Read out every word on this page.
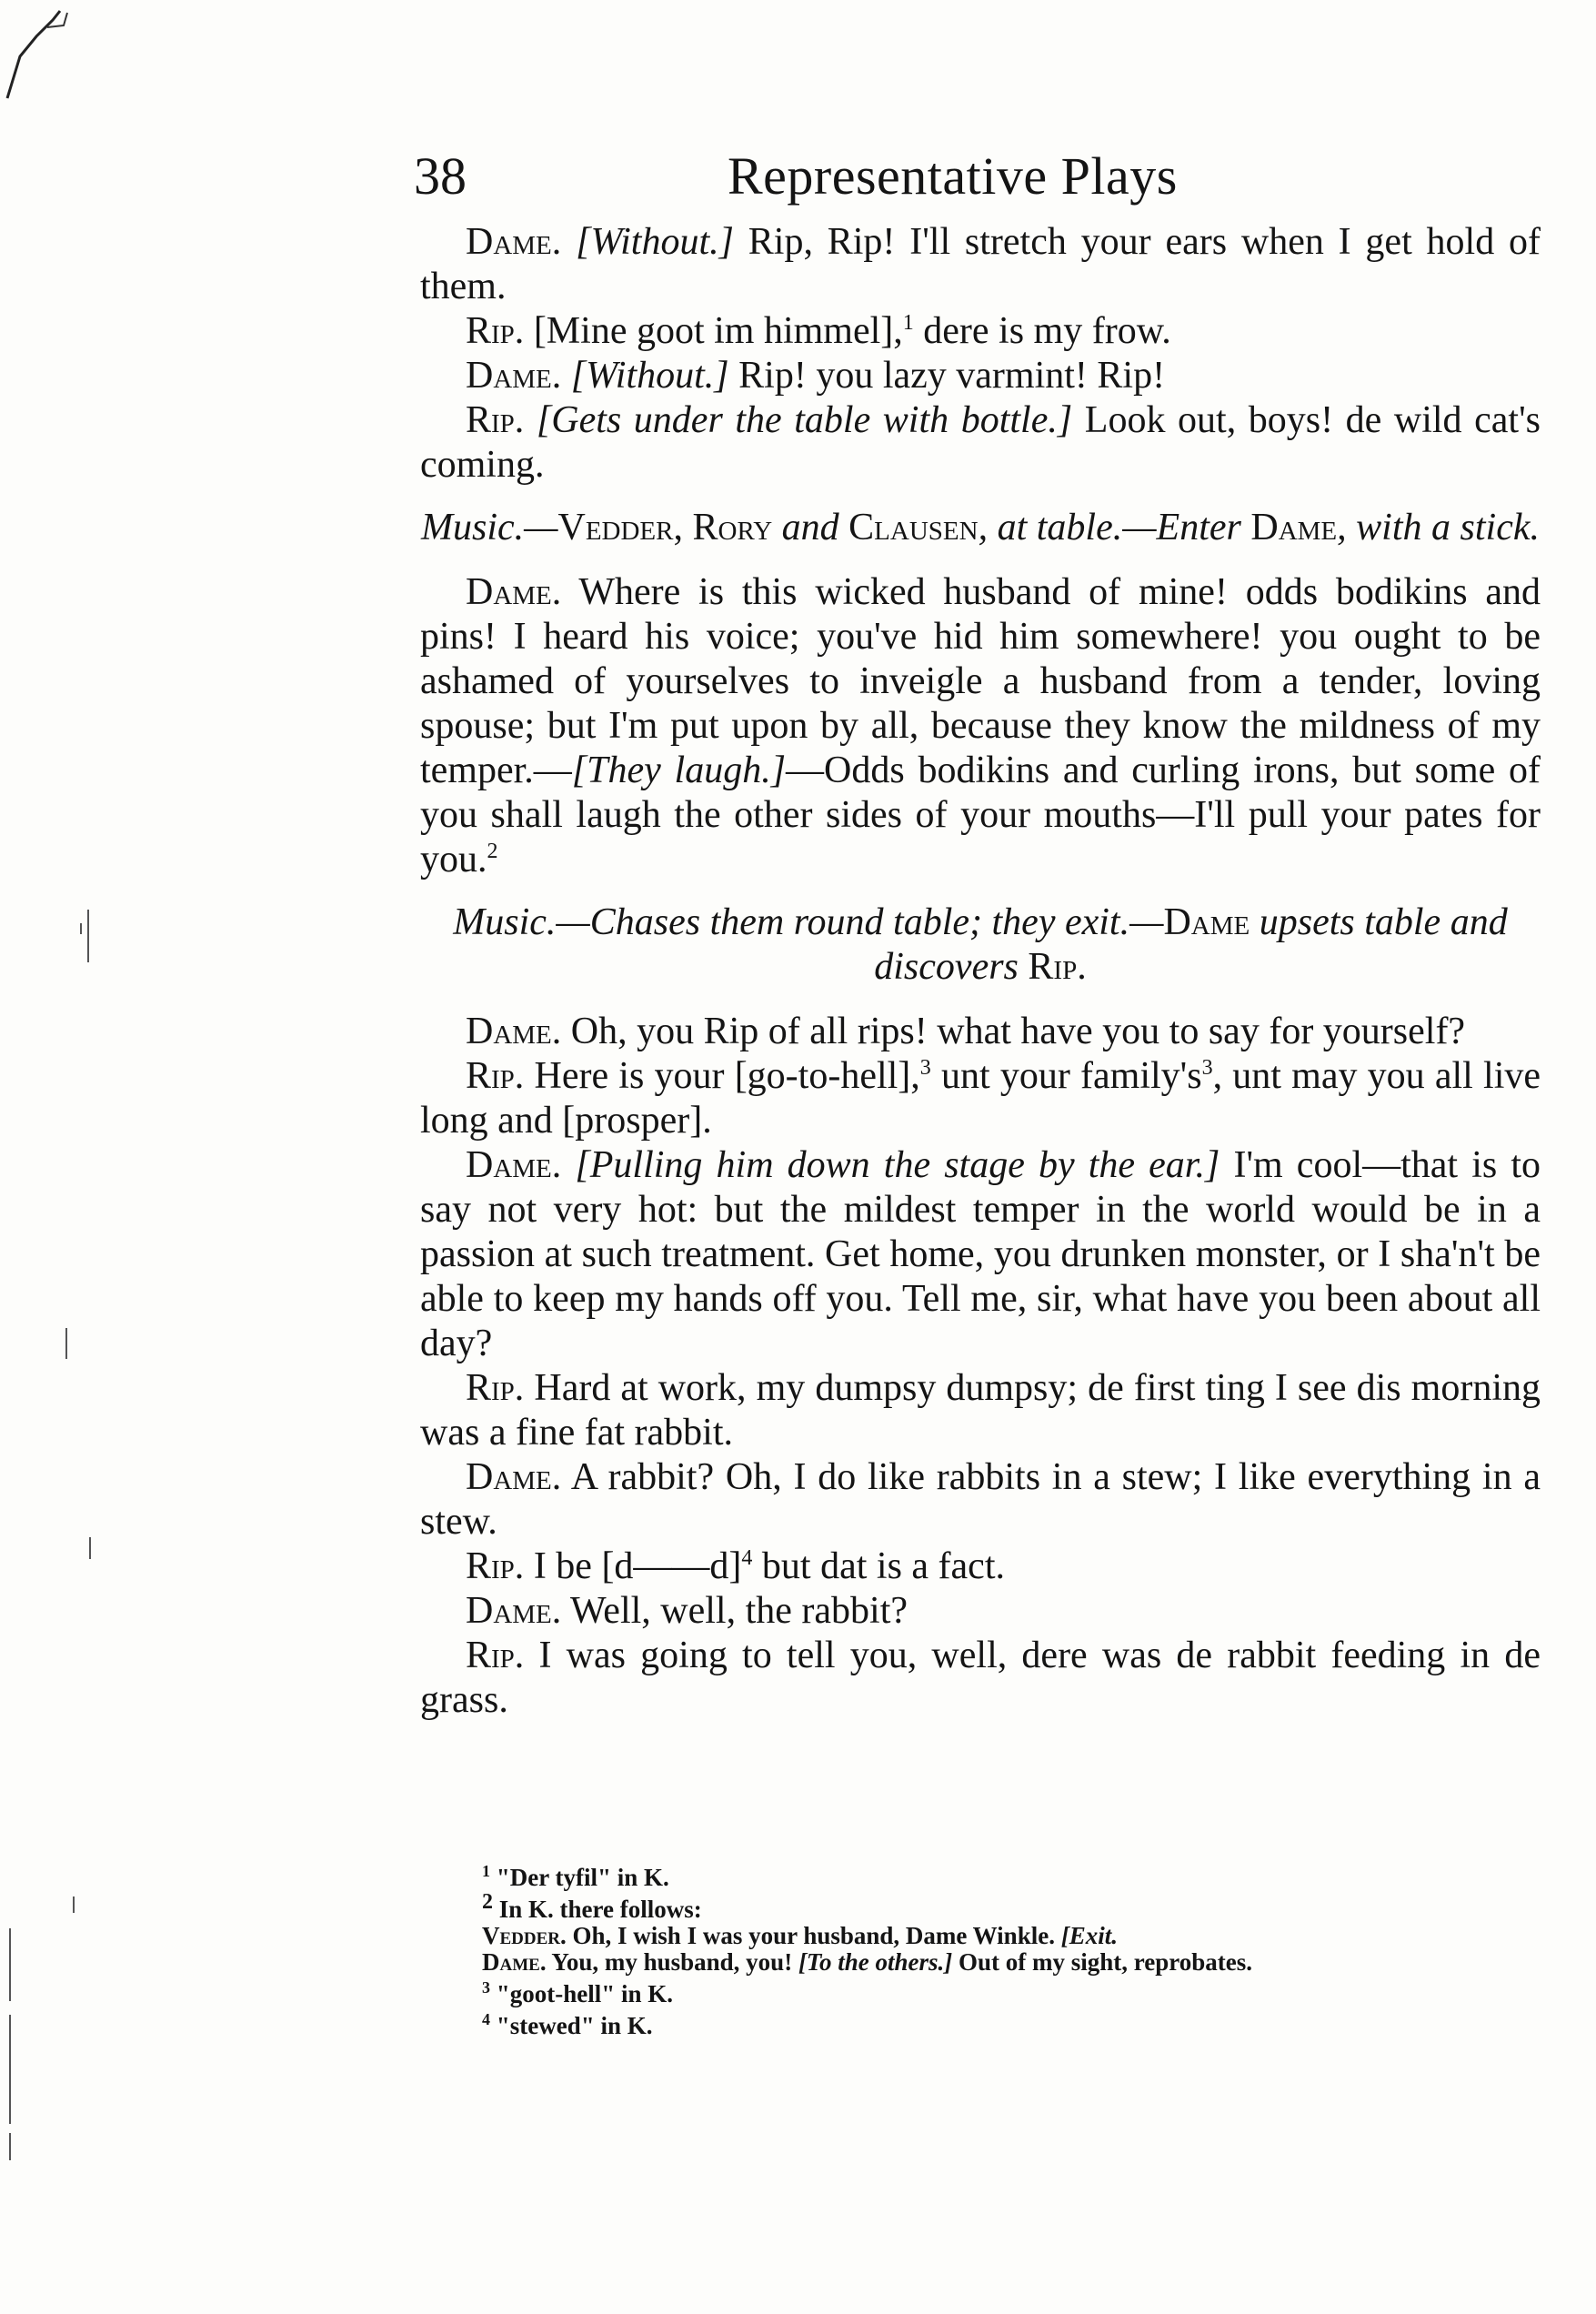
38	Representative Plays

Dame. [Without.] Rip, Rip! I'll stretch your ears when I get hold of them.

Rip. [Mine goot im himmel],$^1$ dere is my frow.

Dame. [Without.] Rip! you lazy varmint! Rip!

Rip. [Gets under the table with bottle.] Look out, boys! de wild cat's coming.

Music.—Vedder, Rory and Clausen, at table.—Enter Dame, with a stick.

Dame. Where is this wicked husband of mine! odds bodikins and pins! I heard his voice; you've hid him somewhere! you ought to be ashamed of yourselves to inveigle a husband from a tender, loving spouse; but I'm put upon by all, because they know the mildness of my temper.—[They laugh.]—Odds bodikins and curling irons, but some of you shall laugh the other sides of your mouths—I'll pull your pates for you.$^2$

Music.—Chases them round table; they exit.—Dame upsets table and discovers Rip.

Dame. Oh, you Rip of all rips! what have you to say for yourself?

Rip. Here is your [go-to-hell],$^3$ unt your $family's^3$, unt may you all live long and [prosper].

Dame. [Pulling him down the stage by the ear.] I'm cool—that is to say not very hot: but the mildest temper in the world would be in a passion at such treatment. Get home, you drunken monster, or I sha'n't be able to keep my hands off you. Tell me, sir, what have you been about all day?

Rip. Hard at work, my dumpsy dumpsy; de first ting I see dis morning was a fine fat rabbit.

Dame. A rabbit? Oh, I do like rabbits in a stew; I like everything in a stew.

Rip. I be [d——d]$^4$ but dat is a fact.

Dame. Well, well, the rabbit?

Rip. I was going to tell you, well, dere was de rabbit feeding in de grass.

$^1$ "Der tyfil" in K.

$^2$ In K. there follows:

Vedder. Oh, I wish I was your husband, Dame Winkle. [Exit.

Dame. You, my husband, you! [To the others.] Out of my sight, reprobates.

$^3$ "goot-hell" in K.

$^4$ "stewed" in K.
